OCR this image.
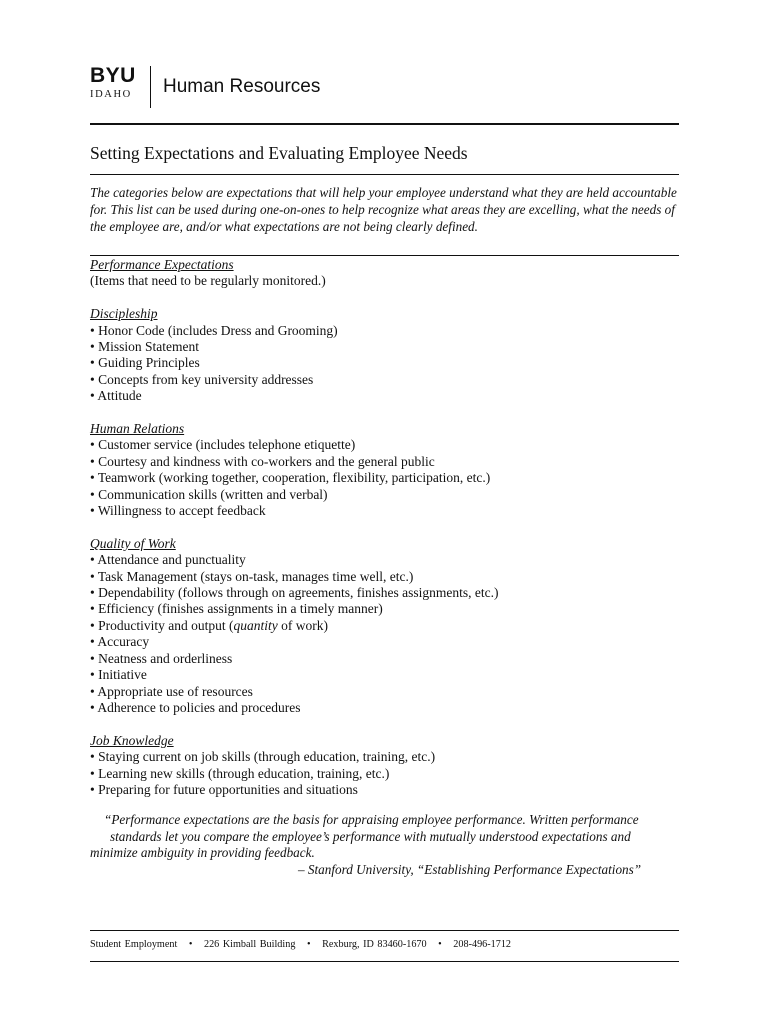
BYU
IDAHO	Human Resources
Setting Expectations and Evaluating Employee Needs
The categories below are expectations that will help your employee understand what they are held accountable for. This list can be used during one-on-ones to help recognize what areas they are excelling, what the needs of the employee are, and/or what expectations are not being clearly defined.
Performance Expectations
(Items that need to be regularly monitored.)
Discipleship
• Honor Code (includes Dress and Grooming)
• Mission Statement
• Guiding Principles
• Concepts from key university addresses
• Attitude
Human Relations
• Customer service (includes telephone etiquette)
• Courtesy and kindness with co-workers and the general public
• Teamwork (working together, cooperation, flexibility, participation, etc.)
• Communication skills (written and verbal)
• Willingness to accept feedback
Quality of Work
• Attendance and punctuality
• Task Management (stays on-task, manages time well, etc.)
• Dependability (follows through on agreements, finishes assignments, etc.)
• Efficiency (finishes assignments in a timely manner)
• Productivity and output (quantity of work)
• Accuracy
• Neatness and orderliness
• Initiative
• Appropriate use of resources
• Adherence to policies and procedures
Job Knowledge
• Staying current on job skills (through education, training, etc.)
• Learning new skills (through education, training, etc.)
• Preparing for future opportunities and situations
“Performance expectations are the basis for appraising employee performance. Written performance
standards let you compare the employee’s performance with mutually understood expectations and
minimize ambiguity in providing feedback.
– Stanford University, “Establishing Performance Expectations”
Student Employment • 226 Kimball Building • Rexburg, ID 83460-1670 • 208-496-1712
